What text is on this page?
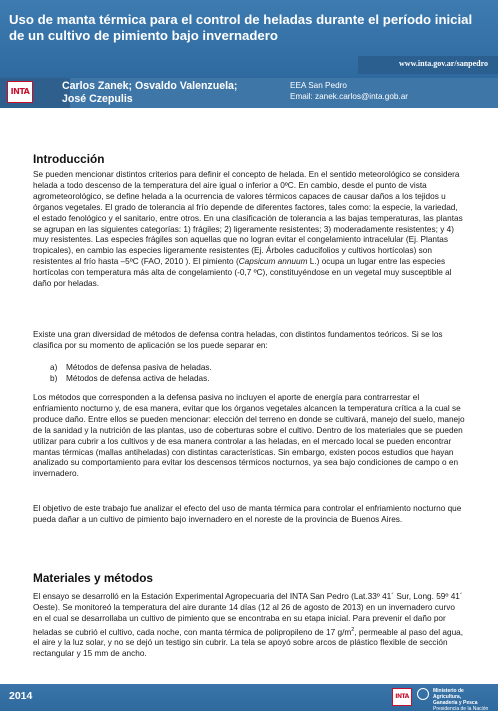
Uso de manta térmica para el control de heladas durante el período inicial de un cultivo de pimiento bajo invernadero
www.inta.gov.ar/sanpedro
INTA	Carlos Zanek; Osvaldo Valenzuela;
José Czepulis
EEA San Pedro
Email: zanek.carlos@inta.gob.ar
Introducción

Se pueden mencionar distintos criterios para definir el concepto de helada. En el sentido meteorológico se considera helada a todo descenso de la temperatura del aire igual o inferior a 0ºC. En cambio, desde el punto de vista agrometeorológico, se define helada a la ocurrencia de valores térmicos capaces de causar daños a los tejidos u órganos vegetales. El grado de tolerancia al frío depende de diferentes factores, tales como: la especie, la variedad, el estado fenológico y el sanitario, entre otros. En una clasificación de tolerancia a las bajas temperaturas, las plantas se agrupan en las siguientes categorías: 1) frágiles; 2) ligeramente resistentes; 3) moderadamente resistentes; y 4) muy resistentes. Las especies frágiles son aquellas que no logran evitar el congelamiento intracelular (Ej. Plantas tropicales), en cambio las especies ligeramente resistentes (Ej. Árboles caducifolios y cultivos hortícolas) son resistentes al frío hasta –5ºC (FAO, 2010 ). El pimiento (Capsicum annuum L.) ocupa un lugar entre las especies hortícolas con temperatura más alta de congelamiento (-0,7 ºC), constituyéndose en un vegetal muy susceptible al daño por heladas.

Existe una gran diversidad de métodos de defensa contra heladas, con distintos fundamentos teóricos. Si se los clasifica por su momento de aplicación se los puede separar en:

a) Métodos de defensa pasiva de heladas.
b) Métodos de defensa activa de heladas.

Los métodos que corresponden a la defensa pasiva no incluyen el aporte de energía para contrarrestar el enfriamiento nocturno y, de esa manera, evitar que los órganos vegetales alcancen la temperatura crítica a la cual se produce daño. Entre ellos se pueden mencionar: elección del terreno en donde se cultivará, manejo del suelo, manejo de la sanidad y la nutrición de las plantas, uso de coberturas sobre el cultivo. Dentro de los materiales que se pueden utilizar para cubrir a los cultivos y de esa manera controlar a las heladas, en el mercado local se pueden encontrar mantas térmicas (mallas antiheladas) con distintas características. Sin embargo, existen pocos estudios que hayan analizado su comportamiento para evitar los descensos térmicos nocturnos, ya sea bajo condiciones de campo o en invernadero.

El objetivo de este trabajo fue analizar el efecto del uso de manta térmica para controlar el enfriamiento nocturno que pueda dañar a un cultivo de pimiento bajo invernadero en el noreste de la provincia de Buenos Aires.

Materiales y métodos

El ensayo se desarrolló en la Estación Experimental Agropecuaria del INTA San Pedro (Lat.33º 41´ Sur, Long. 59º 41´ Oeste). Se monitoreó la temperatura del aire durante 14 días (12 al 26 de agosto de 2013) en un invernadero curvo en el cual se desarrollaba un cultivo de pimiento que se encontraba en su etapa inicial. Para prevenir el daño por heladas se cubrió el cultivo, cada noche, con manta térmica de polipropileno de 17 $g/m^2$, permeable al paso del agua, el aire y la luz solar, y no se dejó un testigo sin cubrir. La tela se apoyó sobre arcos de plástico flexible de sección rectangular y 15 mm de ancho.

2014	INTA
Ministerio de Agricultura,
Ganadería y Pesca
Presidencia de la Nación
